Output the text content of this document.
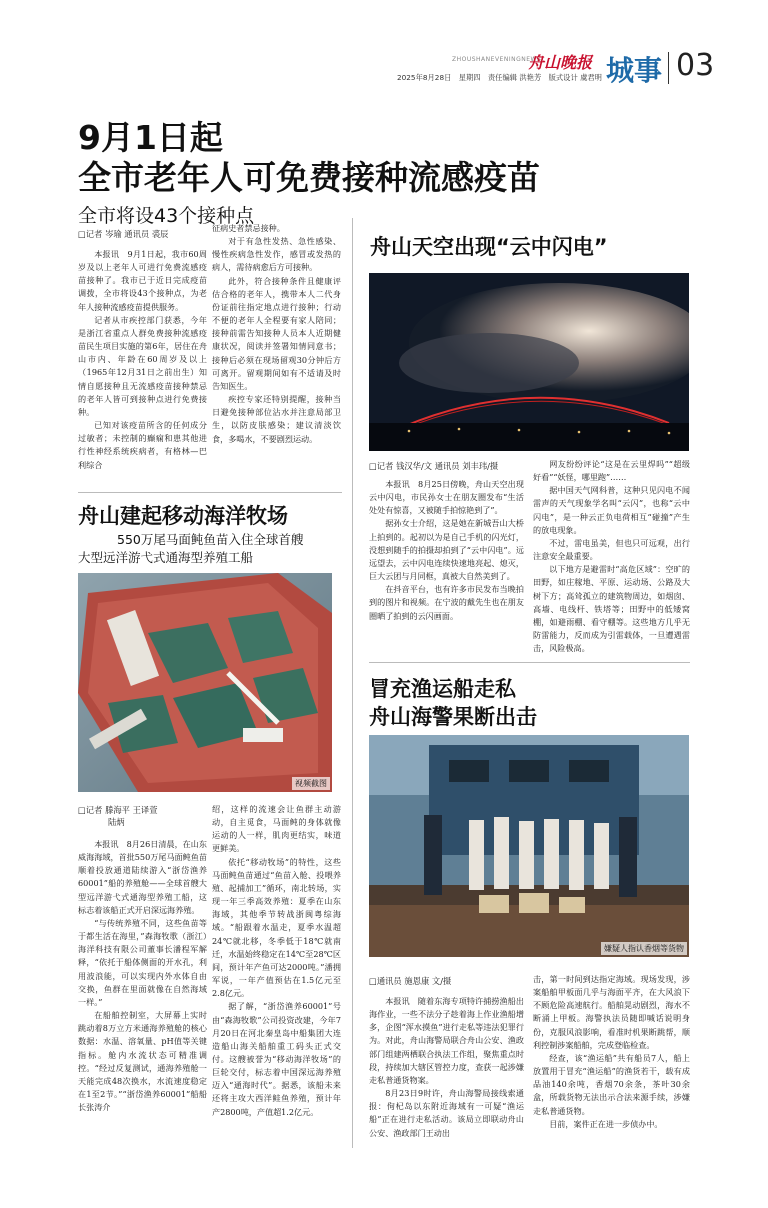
ZHOUSHANEVENINGNEWS
舟山晚报
2025年8月28日　星期四　责任编辑 洪艳芳　版式设计 虞君明 城事 03
9月1日起
全市老年人可免费接种流感疫苗
全市将设43个接种点
□记者 岑瑜 通讯员 裘辰

本报讯　9月1日起，我市60周岁及以上老年人可进行免费流感疫苗接种了。我市已于近日完成疫苗调拨，全市将设43个接种点，为老年人接种流感疫苗提供服务。

记者从市疾控部门获悉，今年是浙江省重点人群免费接种流感疫苗民生项目实施的第6年，居住在舟山市内、年龄在60周岁及以上（1965年12月31日之前出生）知情自愿接种且无流感疫苗接种禁忌的老年人皆可到接种点进行免费接种。

已知对该疫苗所含的任何成分过敏者；未控制的癫痫和患其他进行性神经系统疾病者，有格林—巴利综合

征病史者禁忌接种。

对于有急性发热、急性感染、慢性疾病急性发作，感冒或发热的病人，需待病愈后方可接种。

此外，符合接种条件且健康评估合格的老年人，携带本人二代身份证前往指定地点进行接种；行动不便的老年人全程要有家人陪同；接种前需告知接种人员本人近期健康状况，阅读并签署知情同意书；接种后必须在现场留观30分钟后方可离开。留观期间如有不适请及时告知医生。

疾控专家还特别提醒，接种当日避免接种部位沾水并注意局部卫生，以防皮肤感染；建议清淡饮食，多喝水，不要剧烈运动。

舟山建起移动海洋牧场
550万尾马面鲀鱼苗入住全球首艘
大型远洋游弋式通海型养殖工船
视频截图
□记者 滕海平 王译萱
陆炳

本报讯　8月26日清晨，在山东威海海域，首批550万尾马面鲀鱼苗顺着投放通道陆续游入“浙岱渔养60001”船的养殖舱——全球首艘大型远洋游弋式通海型养殖工船，这标志着该船正式开启深远海养殖。

“与传统养殖不同，这些鱼苗等于都生活在海里，”森海牧歌（浙江）海洋科技有限公司董事长潘程军解释，“依托于船体侧面的开水孔，利用波浪能，可以实现内外水体自由交换，鱼群在里面就像在自然海域一样。”

在船舶控制室，大屏幕上实时跳动着8万立方米通海养殖舱的核心数据：水温、溶氧量、pH值等关键指标。舱内水流状态可精准调控。“经过反复测试，通海养殖舱一天能完成48次换水，水流速度稳定在1至2节。”“浙岱渔养60001”船船长张涛介

绍，这样的流速会让鱼群主动游动，自主觅食，马面鲀的身体就像运动的人一样，肌肉更结实，味道更鲜美。

依托“移动牧场”的特性，这些马面鲀鱼苗通过“鱼苗入舱、投喂养殖、起捕加工”循环，南北转场，实现一年三季高效养殖：夏季在山东海域，其他季节转战浙闽粤综海域。“船跟着水温走，夏季水温超24℃就北移，冬季低于18℃就南迁，水温始终稳定在14℃至28℃区间，预计年产鱼可达2000吨。”潘拥军说，一年产值预估在1.5亿元至2.8亿元。

据了解，“浙岱渔养60001”号由“森海牧歌”公司投资改建，今年7月20日在河北秦皇岛中船集团大连造船山海关船舶重工码头正式交付。这艘被誉为“移动海洋牧场”的巨轮交付，标志着中国深远海养殖迈入“通海时代”。据悉，该船未来还将主攻大西洋鲑鱼养殖，预计年产2800吨，产值超1.2亿元。

舟山天空出现“云中闪电”
□记者 钱汉华/文 通讯员 刘丰玮/摄

本报讯　8月25日傍晚，舟山天空出现云中闪电，市民孙女士在朋友圈发布“生活处处有惊喜，又被随手拍惊艳到了”。

据孙女士介绍，这是她在新城吾山大桥上拍到的。起初以为是自己手机的闪光灯，没想到随手的拍摄却拍到了“云中闪电”。远远望去，云中闪电连续快速地亮起、熄灭，巨大云团与月同框，真被大自然美到了。

在抖音平台，也有许多市民发布当晚拍到的图片和视频。在宁波的戴先生也在朋友圈晒了拍到的云闪画面。

网友纷纷评论“这是在云里焊吗”“超级好看”“妖怪，哪里跑”……

据中国天气网科普，这种只见闪电不闻雷声的天气现象学名叫“云闪”，也称“云中闪电”，是一种云正负电荷相互“碰撞”产生的放电现象。

不过，雷电虽美，但也只可远观，出行注意安全最重要。

以下地方是避雷时“高危区域”：空旷的田野，如庄稼地、平原、运动场、公路及大树下方；高耸孤立的建筑物周边，如烟囱、高墙、电线杆、铁塔等；田野中的低矮窝棚，如避雨棚、看守棚等。这些地方几乎无防雷能力，反而成为引雷载体，一旦遭遇雷击，风险极高。

冒充渔运船走私
舟山海警果断出击
嫌疑人指认香烟等货物
□通讯员 施恩康 文/摄

本报讯　随着东海专项特许捕捞渔船出海作业，一些不法分子趁着海上作业渔船增多，企图“浑水摸鱼”进行走私等违法犯罪行为。对此，舟山海警局联合舟山公安、渔政部门组建两栖联合执法工作组，聚焦重点时段，持续加大辖区管控力度，查获一起涉嫌走私普通货物案。

8月23日9时许，舟山海警局接线索通报：佝杞岛以东附近海域有一可疑“渔运船”正在进行走私活动。该局立即联动舟山公安、渔政部门王动出

击，第一时间到达指定海域。现场发现，涉案船舶甲板面几乎与海面平齐，在大风浪下不顾危险高速航行。船舶晃动剧烈，海水不断涌上甲板。海警执法员随即喊话说明身份，克服风浪影响，看准时机果断跳帮，顺利控制涉案船舶，完成登临检查。

经查，该“渔运船”共有船员7人，船上放置用于冒充“渔运船”的渔货若干，载有成品油140余吨，香烟70余条，茶叶30余盒，所载货物无法出示合法来源手续，涉嫌走私普通货物。

目前，案件正在进一步侦办中。
